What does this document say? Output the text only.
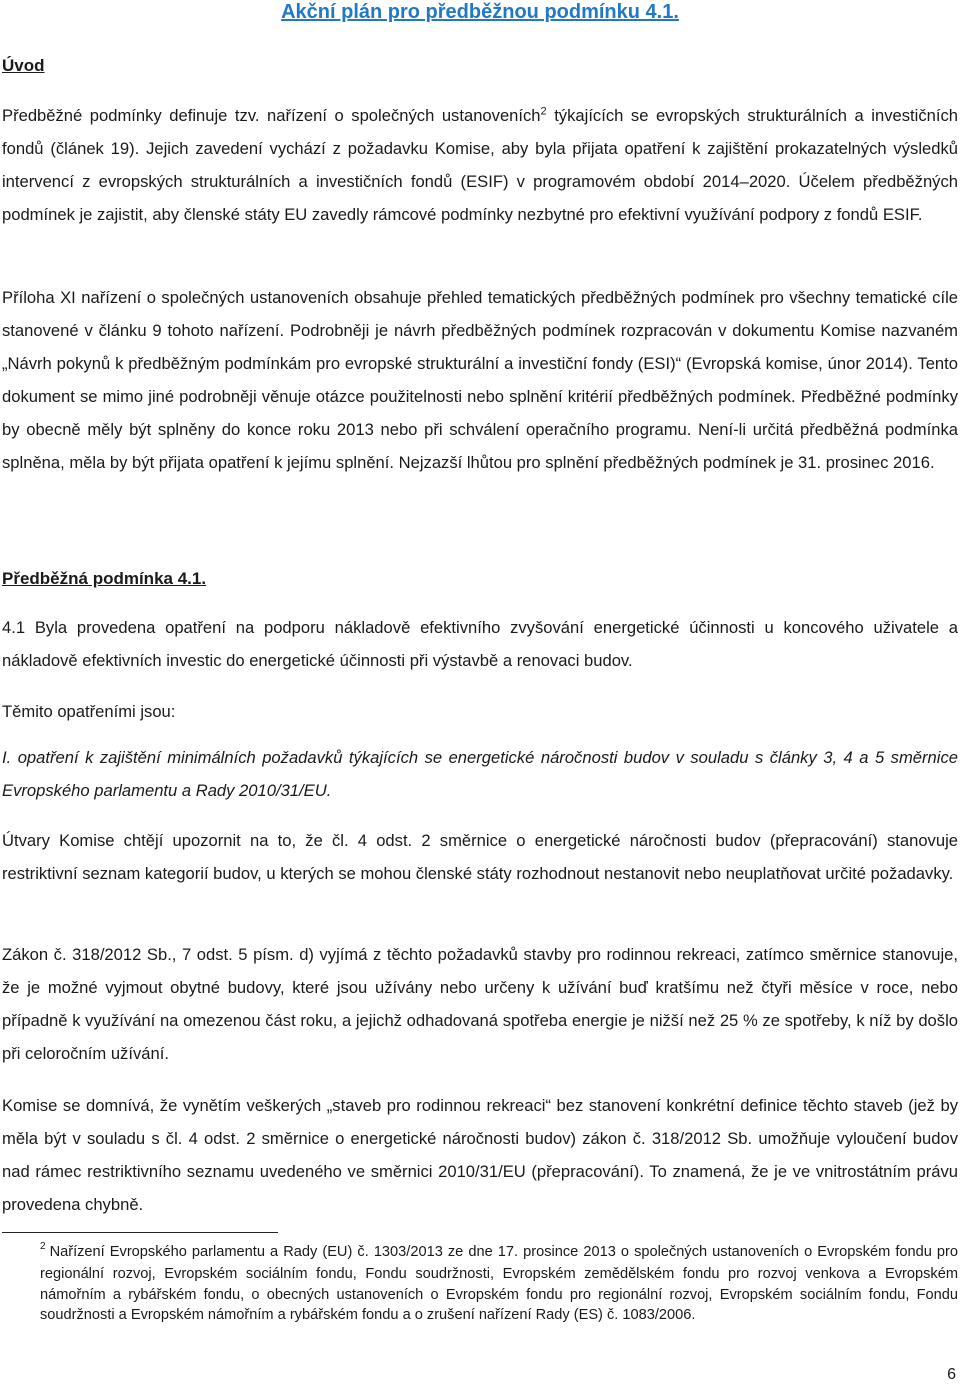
Akční plán pro předběžnou podmínku 4.1.
Úvod

Předběžné podmínky definuje tzv. nařízení o společných ustanoveních$^2$ týkajících se evropských strukturálních a investičních fondů (článek 19). Jejich zavedení vychází z požadavku Komise, aby byla přijata opatření k zajištění prokazatelných výsledků intervencí z evropských strukturálních a investičních fondů (ESIF) v programovém období 2014–2020. Účelem předběžných podmínek je zajistit, aby členské státy EU zavedly rámcové podmínky nezbytné pro efektivní využívání podpory z fondů ESIF.

Příloha XI nařízení o společných ustanoveních obsahuje přehled tematických předběžných podmínek pro všechny tematické cíle stanovené v článku 9 tohoto nařízení. Podrobněji je návrh předběžných podmínek rozpracován v dokumentu Komise nazvaném „Návrh pokynů k předběžným podmínkám pro evropské strukturální a investiční fondy (ESI)“ (Evropská komise, únor 2014). Tento dokument se mimo jiné podrobněji věnuje otázce použitelnosti nebo splnění kritérií předběžných podmínek. Předběžné podmínky by obecně měly být splněny do konce roku 2013 nebo při schválení operačního programu. Není-li určitá předběžná podmínka splněna, měla by být přijata opatření k jejímu splnění. Nejzazší lhůtou pro splnění předběžných podmínek je 31. prosinec 2016.

Předběžná podmínka 4.1.

4.1 Byla provedena opatření na podporu nákladově efektivního zvyšování energetické účinnosti u koncového uživatele a nákladově efektivních investic do energetické účinnosti při výstavbě a renovaci budov.

Těmito opatřeními jsou:

I. opatření k zajištění minimálních požadavků týkajících se energetické náročnosti budov v souladu s články 3, 4 a 5 směrnice Evropského parlamentu a Rady 2010/31/EU.

Útvary Komise chtějí upozornit na to, že čl. 4 odst. 2 směrnice o energetické náročnosti budov (přepracování) stanovuje restriktivní seznam kategorií budov, u kterých se mohou členské státy rozhodnout nestanovit nebo neuplatňovat určité požadavky.

Zákon č. 318/2012 Sb., 7 odst. 5 písm. d) vyjímá z těchto požadavků stavby pro rodinnou rekreaci, zatímco směrnice stanovuje, že je možné vyjmout obytné budovy, které jsou užívány nebo určeny k užívání buď kratšímu než čtyři měsíce v roce, nebo případně k využívání na omezenou část roku, a jejichž odhadovaná spotřeba energie je nižší než 25 % ze spotřeby, k níž by došlo při celoročním užívání.

Komise se domnívá, že vynětím veškerých „staveb pro rodinnou rekreaci“ bez stanovení konkrétní definice těchto staveb (jež by měla být v souladu s čl. 4 odst. 2 směrnice o energetické náročnosti budov) zákon č. 318/2012 Sb. umožňuje vyloučení budov nad rámec restriktivního seznamu uvedeného ve směrnici 2010/31/EU (přepracování). To znamená, že je ve vnitrostátním právu provedena chybně.

$^2$ Nařízení Evropského parlamentu a Rady (EU) č. 1303/2013 ze dne 17. prosince 2013 o společných ustanoveních o Evropském fondu pro regionální rozvoj, Evropském sociálním fondu, Fondu soudržnosti, Evropském zemědělském fondu pro rozvoj venkova a Evropském námořním a rybářském fondu, o obecných ustanoveních o Evropském fondu pro regionální rozvoj, Evropském sociálním fondu, Fondu soudržnosti a Evropském námořním a rybářském fondu a o zrušení nařízení Rady (ES) č. 1083/2006.

6
